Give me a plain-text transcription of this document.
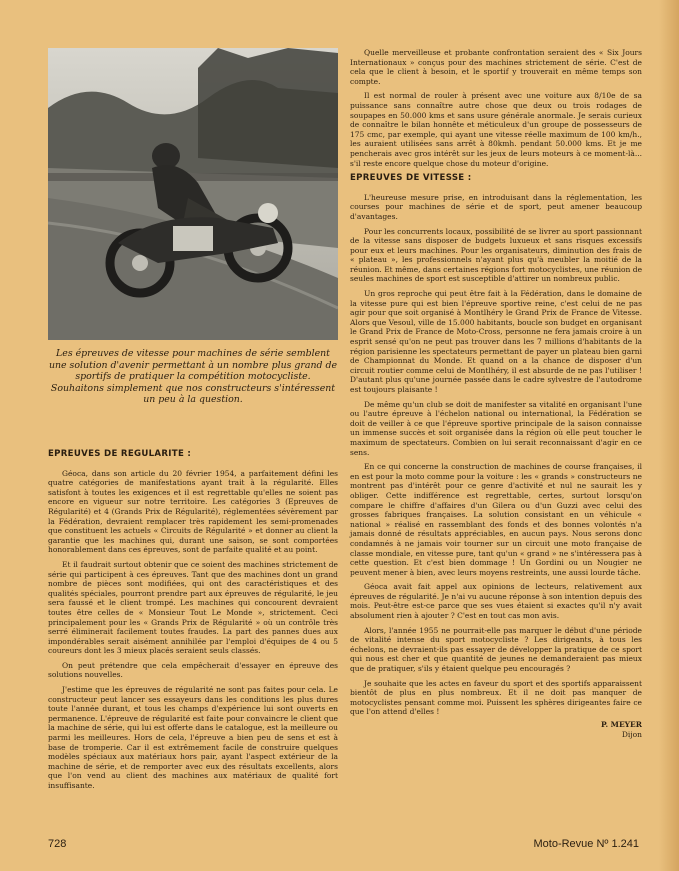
Les épreuves de vitesse pour machines de série semblent une solution d'avenir permettant à un nombre plus grand de sportifs de pratiquer la compétition motocycliste. Souhaitons simplement que nos constructeurs s'intéressent un peu à la question.
EPREUVES DE REGULARITE :

Géoca, dans son article du 20 février 1954, a parfaitement défini les quatre catégories de manifestations ayant trait à la régularité. Elles satisfont à toutes les exigences et il est regrettable qu'elles ne soient pas encore en vigueur sur notre territoire. Les catégories 3 (Epreuves de Régularité) et 4 (Grands Prix de Régularité), réglementées sévèrement par la Fédération, devraient remplacer très rapidement les semi-promenades que constituent les actuels « Circuits de Régularité » et donner au client la garantie que les machines qui, durant une saison, se sont comportées honorablement dans ces épreuves, sont de parfaite qualité et au point.

Et il faudrait surtout obtenir que ce soient des machines strictement de série qui participent à ces épreuves. Tant que des machines dont un grand nombre de pièces sont modifiées, qui ont des caractéristiques et des qualités spéciales, pourront prendre part aux épreuves de régularité, le jeu sera faussé et le client trompé. Les machines qui concourent devraient toutes être celles de « Monsieur Tout Le Monde », strictement. Ceci principalement pour les « Grands Prix de Régularité » où un contrôle très serré éliminerait facilement toutes fraudes. La part des pannes dues aux impondérables serait aisément annihilée par l'emploi d'équipes de 4 ou 5 coureurs dont les 3 mieux placés seraient seuls classés.

On peut prétendre que cela empêcherait d'essayer en épreuve des solutions nouvelles.

J'estime que les épreuves de régularité ne sont pas faites pour cela. Le constructeur peut lancer ses essayeurs dans les conditions les plus dures toute l'année durant, et tous les champs d'expérience lui sont ouverts en permanence. L'épreuve de régularité est faite pour convaincre le client que la machine de série, qui lui est offerte dans le catalogue, est la meilleure ou parmi les meilleures. Hors de cela, l'épreuve a bien peu de sens et est à base de tromperie. Car il est extrêmement facile de construire quelques modèles spéciaux aux matériaux hors pair, ayant l'aspect extérieur de la machine de série, et de remporter avec eux des résultats excellents, alors que l'on vend au client des machines aux matériaux de qualité fort insuffisante.

Quelle merveilleuse et probante confrontation seraient des « Six Jours Internationaux » conçus pour des machines strictement de série. C'est de cela que le client à besoin, et le sportif y trouverait en même temps son compte.

Il est normal de rouler à présent avec une voiture aux 8/10e de sa puissance sans connaître autre chose que deux ou trois rodages de soupapes en 50.000 kms et sans usure générale anormale. Je serais curieux de connaître le bilan honnête et méticuleux d'un groupe de possesseurs de 175 cmc, par exemple, qui ayant une vitesse réelle maximum de 100 km/h., les auraient utilisées sans arrêt à 80kmh. pendant 50.000 kms. Et je me pencherais avec gros intérêt sur les jeux de leurs moteurs à ce moment-là... s'il reste encore quelque chose du moteur d'origine.

EPREUVES DE VITESSE :

L'heureuse mesure prise, en introduisant dans la réglementation, les courses pour machines de série et de sport, peut amener beaucoup d'avantages.

Pour les concurrents locaux, possibilité de se livrer au sport passionnant de la vitesse sans disposer de budgets luxueux et sans risques excessifs pour eux et leurs machines. Pour les organisateurs, diminution des frais de « plateau », les professionnels n'ayant plus qu'à meubler la moitié de la réunion. Et même, dans certaines régions fort motocyclistes, une réunion de seules machines de sport est susceptible d'attirer un nombreux public.

Un gros reproche qui peut être fait à la Fédération, dans le domaine de la vitesse pure qui est bien l'épreuve sportive reine, c'est celui de ne pas agir pour que soit organisé à Montlhéry le Grand Prix de France de Vitesse. Alors que Vesoul, ville de 15.000 habitants, boucle son budget en organisant le Grand Prix de France de Moto-Cross, personne ne fera jamais croire à un esprit sensé qu'on ne peut pas trouver dans les 7 millions d'habitants de la région parisienne les spectateurs permettant de payer un plateau bien garni de Championnat du Monde. Et quand on a la chance de disposer d'un circuit routier comme celui de Montlhéry, il est absurde de ne pas l'utiliser ! D'autant plus qu'une journée passée dans le cadre sylvestre de l'autodrome est toujours plaisante !

De même qu'un club se doit de manifester sa vitalité en organisant l'une ou l'autre épreuve à l'échelon national ou international, la Fédération se doit de veiller à ce que l'épreuve sportive principale de la saison connaisse un immense succès et soit organisée dans la région où elle peut toucher le maximum de spectateurs. Combien on lui serait reconnaissant d'agir en ce sens.

En ce qui concerne la construction de machines de course françaises, il en est pour la moto comme pour la voiture : les « grands » constructeurs ne montrent pas d'intérêt pour ce genre d'activité et nul ne saurait les y obliger. Cette indifférence est regrettable, certes, surtout lorsqu'on compare le chiffre d'affaires d'un Gilera ou d'un Guzzi avec celui des grosses fabriques françaises. La solution consistant en un véhicule « national » réalisé en rassemblant des fonds et des bonnes volontés n'a jamais donné de résultats appréciables, en aucun pays. Nous serons donc condamnés à ne jamais voir tourner sur un circuit une moto française de classe mondiale, en vitesse pure, tant qu'un « grand » ne s'intéressera pas à cette question. Et c'est bien dommage ! Un Gordini ou un Nougier ne peuvent mener à bien, avec leurs moyens restreints, une aussi lourde tâche.

Géoca avait fait appel aux opinions de lecteurs, relativement aux épreuves de régularité. Je n'ai vu aucune réponse à son intention depuis des mois. Peut-être est-ce parce que ses vues étaient si exactes qu'il n'y avait absolument rien à ajouter ? C'est en tout cas mon avis.

Alors, l'année 1955 ne pourrait-elle pas marquer le début d'une période de vitalité intense du sport motocycliste ? Les dirigeants, à tous les échelons, ne devraient-ils pas essayer de développer la pratique de ce sport qui nous est cher et que quantité de jeunes ne demanderaient pas mieux que de pratiquer, s'ils y étaient quelque peu encouragés ?

Je souhaite que les actes en faveur du sport et des sportifs apparaissent bientôt de plus en plus nombreux. Et il ne doit pas manquer de motocyclistes pensant comme moi. Puissent les sphères dirigeantes faire ce que l'on attend d'elles !

P. MEYER
Dijon
728	Moto-Revue Nº 1.241
